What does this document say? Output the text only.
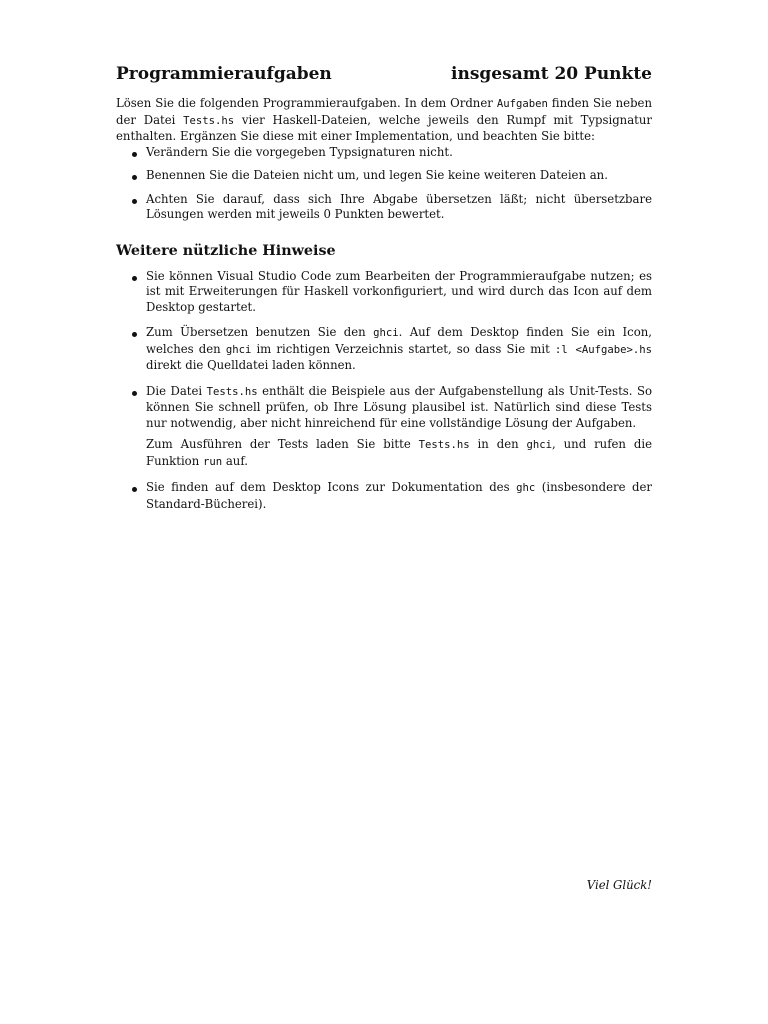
Programmieraufgaben	insgesamt 20 Punkte

Lösen Sie die folgenden Programmieraufgaben. In dem Ordner Aufgaben finden Sie neben der Datei Tests.hs vier Haskell-Dateien, welche jeweils den Rumpf mit Typsignatur enthalten. Ergänzen Sie diese mit einer Implementation, und beachten Sie bitte:

Verändern Sie die vorgegeben Typsignaturen nicht.

Benennen Sie die Dateien nicht um, und legen Sie keine weiteren Dateien an.

Achten Sie darauf, dass sich Ihre Abgabe übersetzen läßt; nicht übersetzbare Lösungen werden mit jeweils 0 Punkten bewertet.

Weitere nützliche Hinweise

Sie können Visual Studio Code zum Bearbeiten der Programmieraufgabe nutzen; es ist mit Erweiterungen für Haskell vorkonfiguriert, und wird durch das Icon auf dem Desktop gestartet.

Zum Übersetzen benutzen Sie den ghci. Auf dem Desktop finden Sie ein Icon, welches den ghci im richtigen Verzeichnis startet, so dass Sie mit :l <Aufgabe>.hs direkt die Quelldatei laden können.

Die Datei Tests.hs enthält die Beispiele aus der Aufgabenstellung als Unit-Tests. So können Sie schnell prüfen, ob Ihre Lösung plausibel ist. Natürlich sind diese Tests nur notwendig, aber nicht hinreichend für eine vollständige Lösung der Aufgaben.

Zum Ausführen der Tests laden Sie bitte Tests.hs in den ghci, und rufen die Funktion run auf.

Sie finden auf dem Desktop Icons zur Dokumentation des ghc (insbesondere der Standard-Bücherei).

Viel Glück!
